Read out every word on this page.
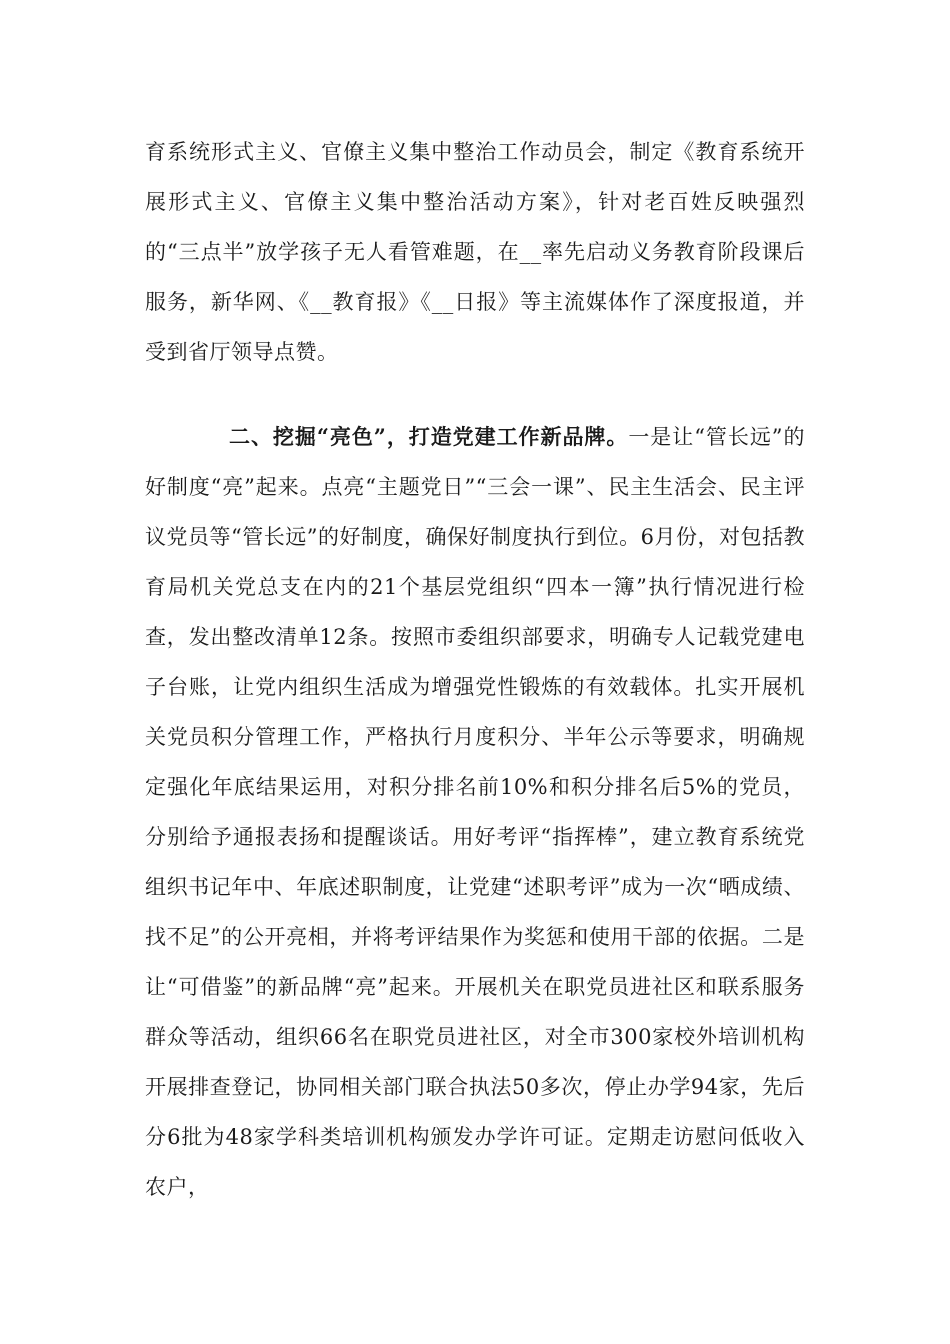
育系统形式主义、官僚主义集中整治工作动员会，制定《教育系统开展形式主义、官僚主义集中整治活动方案》，针对老百姓反映强烈的“三点半”放学孩子无人看管难题，在__率先启动义务教育阶段课后服务，新华网、《__教育报》《__日报》等主流媒体作了深度报道，并受到省厅领导点赞。

二、挖掘“亮色”，打造党建工作新品牌。一是让“管长远”的好制度“亮”起来。点亮“主题党日”“三会一课”、民主生活会、民主评议党员等“管长远”的好制度，确保好制度执行到位。6月份，对包括教育局机关党总支在内的21个基层党组织“四本一簿”执行情况进行检查，发出整改清单12条。按照市委组织部要求，明确专人记载党建电子台账，让党内组织生活成为增强党性锻炼的有效载体。扎实开展机关党员积分管理工作，严格执行月度积分、半年公示等要求，明确规定强化年底结果运用，对积分排名前10%和积分排名后5%的党员，分别给予通报表扬和提醒谈话。用好考评“指挥棒”，建立教育系统党组织书记年中、年底述职制度，让党建“述职考评”成为一次“晒成绩、找不足”的公开亮相，并将考评结果作为奖惩和使用干部的依据。二是让“可借鉴”的新品牌“亮”起来。开展机关在职党员进社区和联系服务群众等活动，组织66名在职党员进社区，对全市300家校外培训机构开展排查登记，协同相关部门联合执法50多次，停止办学94家，先后分6批为48家学科类培训机构颁发办学许可证。定期走访慰问低收入农户，
